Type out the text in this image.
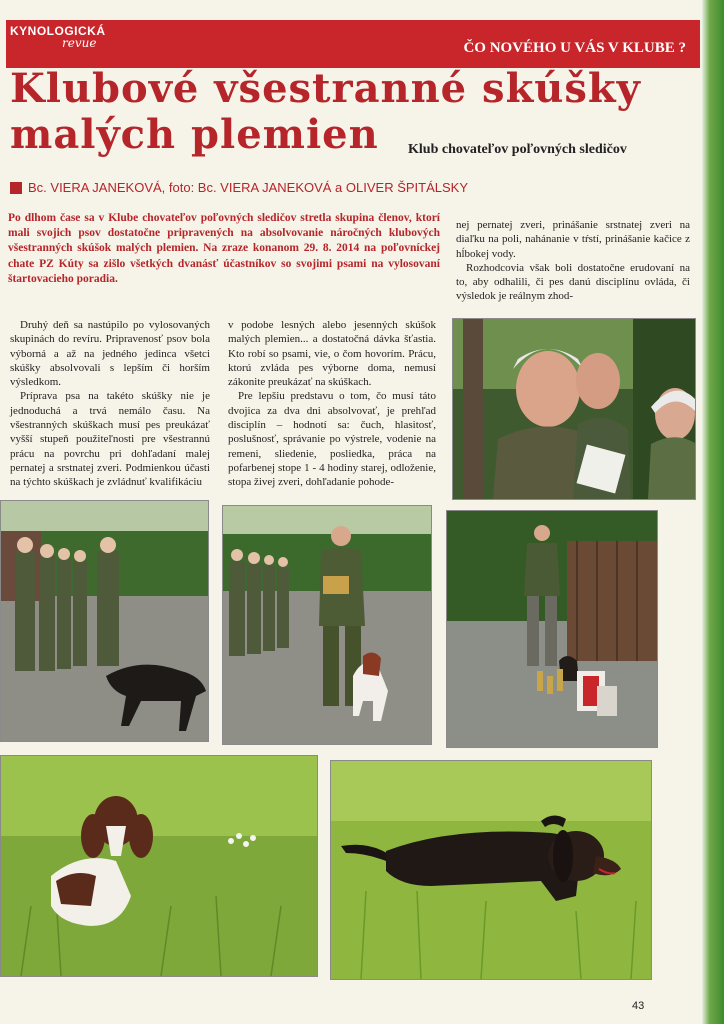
KYNOLOGICKÁ
revue	ČO NOVÉHO U VÁS V KLUBE ?
Klubové všestranné skúšky malých plemien	Klub chovateľov poľovných sledičov
Bc. VIERA JANEKOVÁ, foto: Bc. VIERA JANEKOVÁ a OLIVER ŠPITÁLSKY
Po dlhom čase sa v Klube chovateľov poľovných sledičov stretla skupina členov, ktorí mali svojich psov dostatočne pripravených na absolvovanie náročných klubových všestranných skúšok malých plemien. Na zraze konanom 29. 8. 2014 na poľovníckej chate PZ Kúty sa zišlo všetkých dvanásť účastníkov so svojimi psami na vylosovaní štartovacieho poradia.
nej pernatej zveri, prinášanie srstnatej zveri na diaľku na poli, nahánanie v tŕstí, prinášanie kačice z hĺbokej vody.
Rozhodcovia však boli dostatočne erudovaní na to, aby odhalili, či pes danú disciplínu ovláda, či výsledok je reálnym zhod-
Druhý deň sa nastúpilo po vylosovaných skupinách do revíru. Pripravenosť psov bola výborná a až na jedného jedinca všetci skúšky absolvovali s lepším či horším výsledkom.
Príprava psa na takéto skúšky nie je jednoduchá a trvá nemálo času. Na všestranných skúškach musí pes preukázať vyšší stupeň použiteľnosti pre všestrannú prácu na povrchu pri dohľadaní malej pernatej a srstnatej zveri. Podmienkou účasti na týchto skúškach je zvládnuť kvalifikáciu
v podobe lesných alebo jesenných skúšok malých plemien... a dostatočná dávka šťastia. Kto robí so psami, vie, o čom hovorím. Prácu, ktorú zvláda pes výborne doma, nemusí zákonite preukázať na skúškach.
Pre lepšiu predstavu o tom, čo musí táto dvojica za dva dni absolvovať, je prehľad disciplín – hodnotí sa: čuch, hlasitosť, poslušnosť, správanie po výstrele, vodenie na remeni, sliedenie, posliedka, práca na pofarbenej stope 1 - 4 hodiny starej, odloženie, stopa živej zveri, dohľadanie pohode-
43
